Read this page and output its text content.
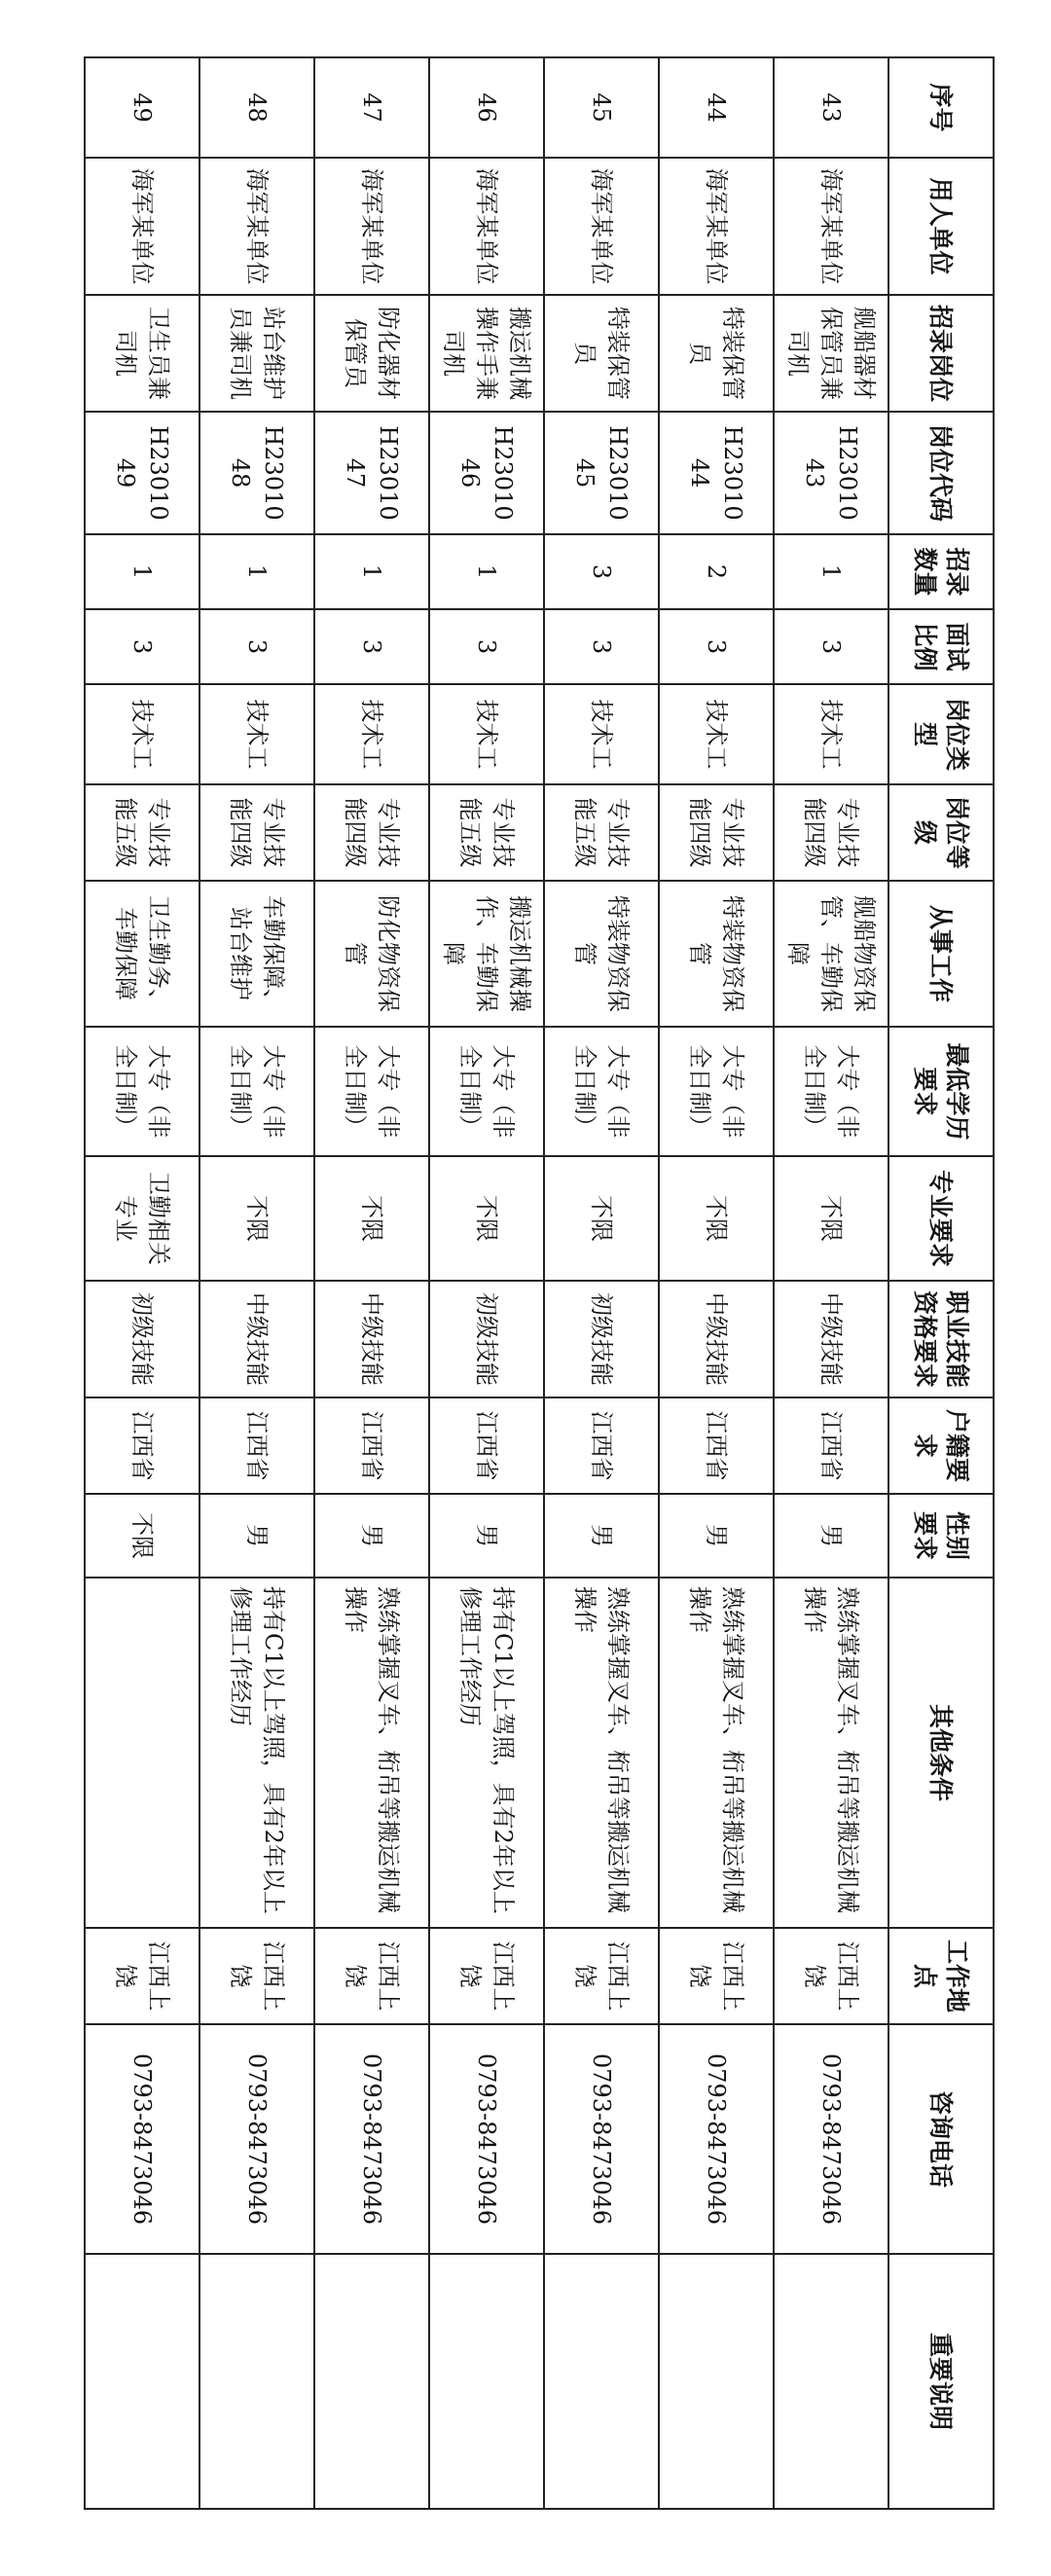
序号	用人单位	招录岗位	岗位代码	招录数量	面试比例	岗位类型	岗位等级	从事工作	最低学历要求	专业要求	职业技能资格要求	户籍要求	性别要求	其他条件	工作地点	咨询电话	重要说明
43	海军某单位	舰船器材保管员兼司机	H2301043	1	3	技术工	专业技能四级	舰船物资保管、车勤保障	大专（非全日制）	不限	中级技能	江西省	男	熟练掌握叉车、桁吊等搬运机械操作	江西上饶	0793-8473046	
44	海军某单位	特装保管员	H2301044	2	3	技术工	专业技能四级	特装物资保管	大专（非全日制）	不限	中级技能	江西省	男	熟练掌握叉车、桁吊等搬运机械操作	江西上饶	0793-8473046	
45	海军某单位	特装保管员	H2301045	3	3	技术工	专业技能五级	特装物资保管	大专（非全日制）	不限	初级技能	江西省	男	熟练掌握叉车、桁吊等搬运机械操作	江西上饶	0793-8473046	
46	海军某单位	搬运机械操作手兼司机	H2301046	1	3	技术工	专业技能五级	搬运机械操作、车勤保障	大专（非全日制）	不限	初级技能	江西省	男	持有C1以上驾照，具有2年以上修理工作经历	江西上饶	0793-8473046	
47	海军某单位	防化器材保管员	H2301047	1	3	技术工	专业技能四级	防化物资保管	大专（非全日制）	不限	中级技能	江西省	男	熟练掌握叉车、桁吊等搬运机械操作	江西上饶	0793-8473046	
48	海军某单位	站台维护员兼司机	H2301048	1	3	技术工	专业技能四级	车勤保障、站台维护	大专（非全日制）	不限	中级技能	江西省	男	持有C1以上驾照，具有2年以上修理工作经历	江西上饶	0793-8473046	
49	海军某单位	卫生员兼司机	H2301049	1	3	技术工	专业技能五级	卫生勤务、车勤保障	大专（非全日制）	卫勤相关专业	初级技能	江西省	不限		江西上饶	0793-8473046	
